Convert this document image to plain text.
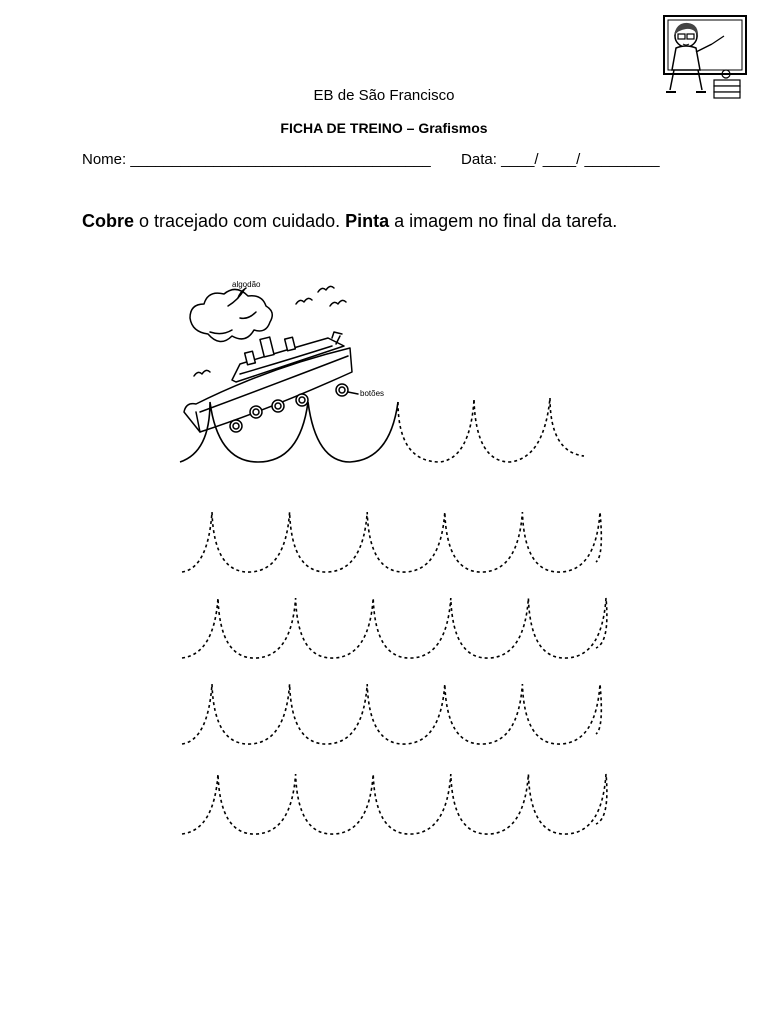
EB de São Francisco
FICHA DE TREINO – Grafismos
Nome: ____________________________________ Data: ____/ ____/ _________
Cobre o tracejado com cuidado. Pinta a imagem no final da tarefa.
algodão
botões
